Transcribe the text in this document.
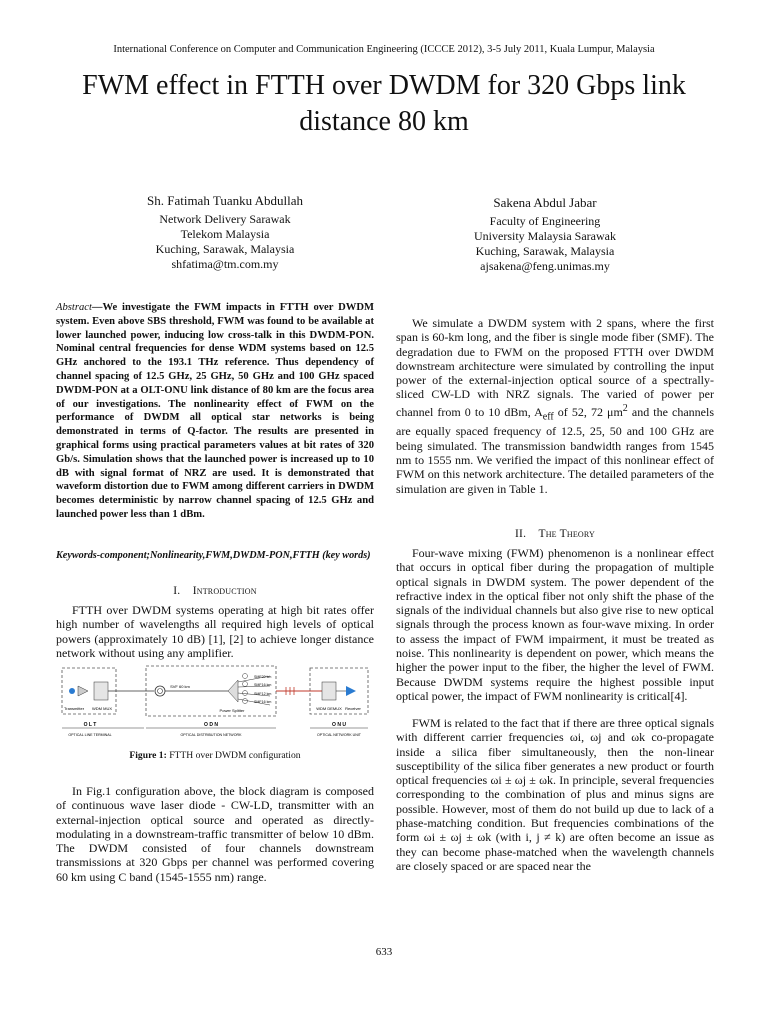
International Conference on Computer and Communication Engineering (ICCCE 2012), 3-5 July 2011, Kuala Lumpur, Malaysia
FWM effect in FTTH over DWDM for 320 Gbps link
distance 80 km
Sh. Fatimah Tuanku Abdullah
Network Delivery Sarawak
Telekom Malaysia
Kuching, Sarawak, Malaysia
shfatima@tm.com.my
Sakena Abdul Jabar
Faculty of Engineering
University Malaysia Sarawak
Kuching, Sarawak, Malaysia
ajsakena@feng.unimas.my
Abstract—We investigate the FWM impacts in FTTH over DWDM system. Even above SBS threshold, FWM was found to be available at lower launched power, inducing low cross-talk in this DWDM-PON. Nominal central frequencies for dense WDM systems based on 12.5 GHz anchored to the 193.1 THz reference. Thus dependency of channel spacing of 12.5 GHz, 25 GHz, 50 GHz and 100 GHz spaced DWDM-PON at a OLT-ONU link distance of 80 km are the focus area of our investigations. The nonlinearity effect of FWM on the performance of DWDM all optical star networks is being demonstrated in terms of Q-factor. The results are presented in graphical forms using practical parameters values at bit rates of 320 Gb/s. Simulation shows that the launched power is increased up to 10 dB with signal format of NRZ are used. It is demonstrated that waveform distortion due to FWM among different carriers in DWDM becomes deterministic by narrow channel spacing of 12.5 GHz and launched power less than 1 dBm.
Keywords-component;Nonlinearity,FWM,DWDM-PON,FTTH (key words)
I. Introduction

FTTH over DWDM systems operating at high bit rates offer high number of wavelengths all required high levels of optical powers (approximately 10 dB) [1], [2] to achieve longer distance network without using any amplifier.

O L T
OPTICAL LINE TERMINAL
O D N
OPTICAL DISTRIBUTION NETWORK
O N U
OPTICAL NETWORK UNIT
Transmitter WDM MUX
SVF 60 km
SMF20 km
SMF16 km
SMF12 km
SMF16 km
Power Splitter	WDM DEMUX Receiver
Figure 1: FTTH over DWDM configuration

In Fig.1 configuration above, the block diagram is composed of continuous wave laser diode - CW-LD, transmitter with an external-injection optical source and operated as directly-modulating in a downstream-traffic transmitter of below 10 dBm. The DWDM consisted of four channels downstream transmissions at 320 Gbps per channel was performed covering 60 km using C band (1545-1555 nm) range.

We simulate a DWDM system with 2 spans, where the first span is 60-km long, and the fiber is single mode fiber (SMF). The degradation due to FWM on the proposed FTTH over DWDM downstream architecture were simulated by controlling the input power of the external-injection optical source of a spectrally-sliced CW-LD with NRZ signals. The varied of power per channel from 0 to 10 dBm, $A_{eff}$ of 52, 72 $\mu m^2$ and the channels are equally spaced frequency of 12.5, 25, 50 and 100 GHz are being simulated. The transmission bandwidth ranges from 1545 nm to 1555 nm. We verified the impact of this nonlinear effect of FWM on this network architecture. The detailed parameters of the simulation are given in Table 1.

II. The Theory

Four-wave mixing (FWM) phenomenon is a nonlinear effect that occurs in optical fiber during the propagation of multiple optical signals in DWDM system. The power dependent of the refractive index in the optical fiber not only shift the phase of the signals of the individual channels but also give rise to new optical signals through the process known as four-wave mixing. In order to assess the impact of FWM impairment, it must be treated as noise. This nonlinearity is dependent on power, which means the higher the power input to the fiber, the higher the level of FWM. Because DWDM systems require the highest possible input optical power, the impact of FWM nonlinearity is critical[4].

FWM is related to the fact that if there are three optical signals with different carrier frequencies ωi, ωj and ωk co-propagate inside a silica fiber simultaneously, then the non-linear susceptibility of the silica fiber generates a new product or fourth optical frequencies ωi ± ωj ± ωk. In principle, several frequencies corresponding to the combination of plus and minus signs are possible. However, most of them do not build up due to lack of a phase-matching condition. But frequencies combinations of the form ωi ± ωj ± ωk (with i, j ≠ k) are often become an issue as they can become phase-matched when the wavelength channels are closely spaced or are spaced near the

633
